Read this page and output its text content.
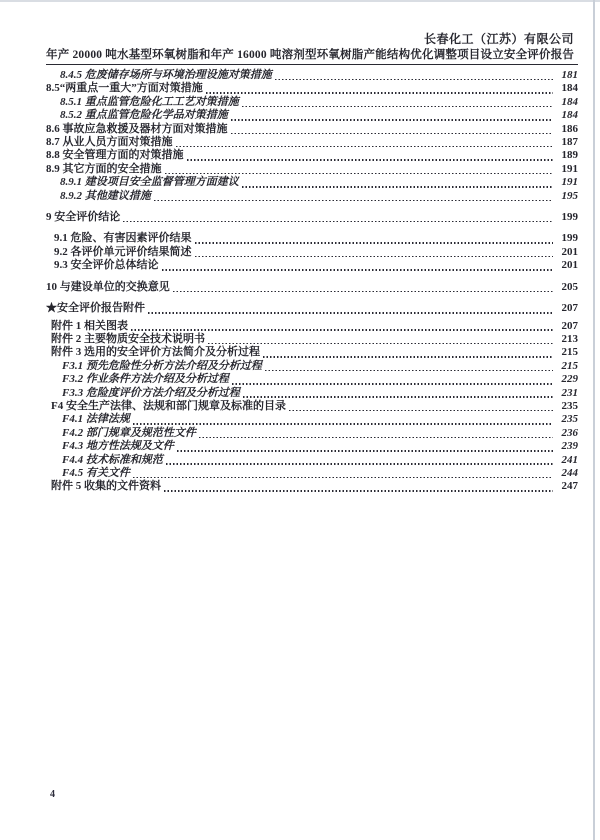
长春化工（江苏）有限公司
年产 20000 吨水基型环氧树脂和年产 16000 吨溶剂型环氧树脂产能结构优化调整项目设立安全评价报告
8.4.5 危废储存场所与环境治理设施对策措施	181
8.5“两重点一重大”方面对策措施	184
8.5.1 重点监管危险化工工艺对策措施	184
8.5.2 重点监管危险化学品对策措施	184
8.6 事故应急救援及器材方面对策措施	186
8.7 从业人员方面对策措施	187
8.8 安全管理方面的对策措施	189
8.9 其它方面的安全措施	191
8.9.1 建设项目安全监督管理方面建议	191
8.9.2 其他建议措施	195
9 安全评价结论	199
9.1 危险、有害因素评价结果	199
9.2 各评价单元评价结果简述	201
9.3 安全评价总体结论	201
10 与建设单位的交换意见	205
★安全评价报告附件	207
附件 1 相关图表	207
附件 2 主要物质安全技术说明书	213
附件 3 选用的安全评价方法简介及分析过程	215
F3.1 预先危险性分析方法介绍及分析过程	215
F3.2 作业条件方法介绍及分析过程	229
F3.3 危险度评价方法介绍及分析过程	231
F4 安全生产法律、法规和部门规章及标准的目录	235
F4.1 法律法规	235
F4.2 部门规章及规范性文件	236
F4.3 地方性法规及文件	239
F4.4 技术标准和规范	241
F4.5 有关文件	244
附件 5 收集的文件资料	247
4
